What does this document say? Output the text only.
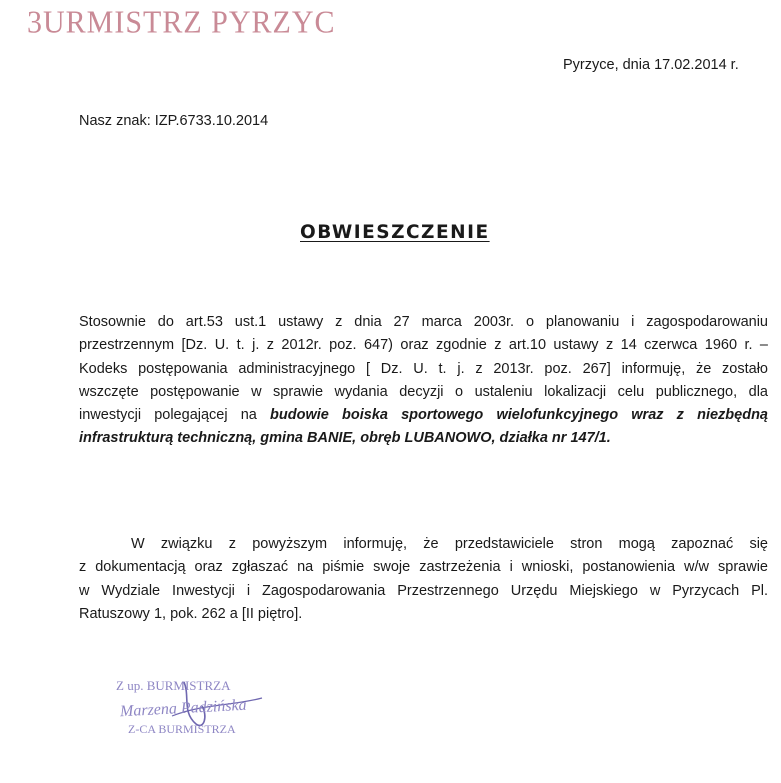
3URMISTRZ PYRZYC
Pyrzyce, dnia 17.02.2014 r.
Nasz znak: IZP.6733.10.2014
OBWIESZCZENIE
Stosownie do art.53 ust.1 ustawy z dnia 27 marca 2003r. o planowaniu i zagospodarowaniu
przestrzennym [Dz. U. t. j. z 2012r. poz. 647) oraz zgodnie z art.10 ustawy z 14 czerwca 1960 r. –
Kodeks postępowania administracyjnego [ Dz. U. t. j. z 2013r. poz. 267] informuję, że zostało
wszczęte postępowanie w sprawie wydania decyzji o ustaleniu lokalizacji celu publicznego, dla
inwestycji polegającej na budowie boiska sportowego wielofunkcyjnego wraz z niezbędną
infrastrukturą techniczną, gmina BANIE, obręb LUBANOWO, działka nr 147/1.
W związku z powyższym informuję, że przedstawiciele stron mogą zapoznać się
z dokumentacją oraz zgłaszać na piśmie swoje zastrzeżenia i wnioski, postanowienia w/w sprawie
w Wydziale Inwestycji i Zagospodarowania Przestrzennego Urzędu Miejskiego w Pyrzycach Pl.
Ratuszowy 1, pok. 262 a [II piętro].
Z up. BURMISTRZA
Marzena Padzińska
Z-CA BURMISTRZA
